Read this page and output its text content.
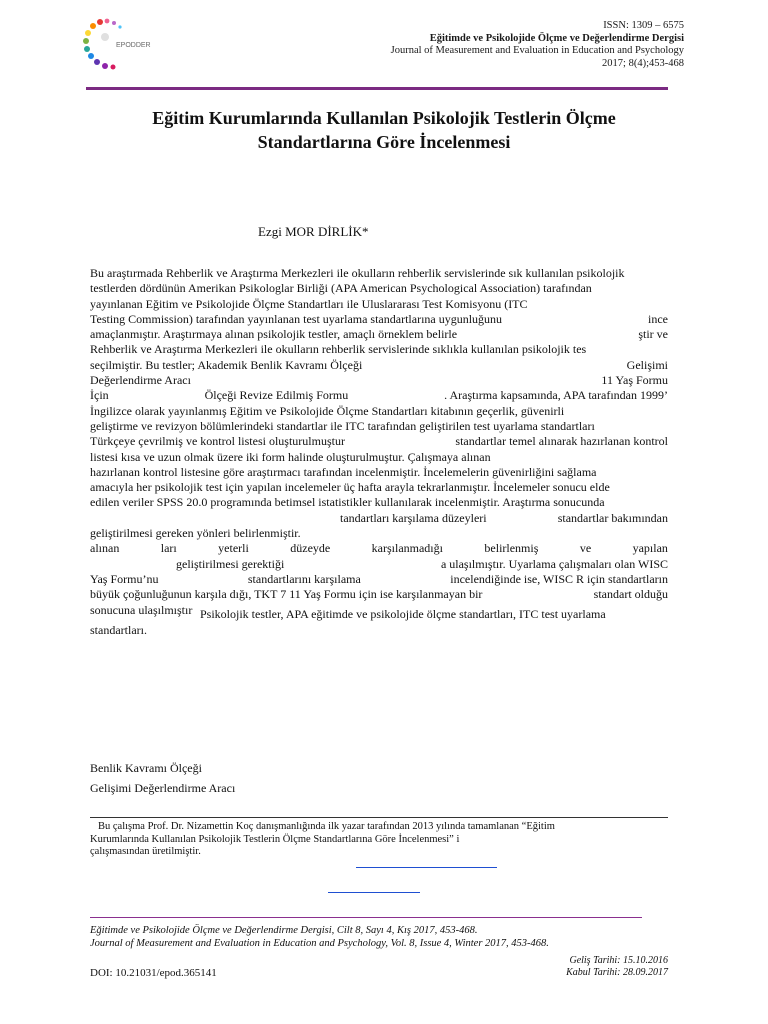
EPODDER
ISSN: 1309 – 6575
Eğitimde ve Psikolojide Ölçme ve Değerlendirme Dergisi
Journal of Measurement and Evaluation in Education and Psychology
2017; 8(4);453-468
Eğitim Kurumlarında Kullanılan Psikolojik Testlerin Ölçme
Standartlarına Göre İncelenmesi
Ezgi MOR DİRLİK*
Bu araştırmada Rehberlik ve Araştırma Merkezleri ile okulların rehberlik servislerinde sık kullanılan psikolojik
testlerden dördünün Amerikan Psikologlar Birliği (APA American Psychological Association) tarafından
yayınlanan Eğitim ve Psikolojide Ölçme Standartları ile Uluslararası Test Komisyonu (ITC
Testing Commission) tarafından yayınlanan test uyarlama standartlarına uygunluğunu	ince
amaçlanmıştır. Araştırmaya alınan psikolojik testler, amaçlı örneklem belirle	ştir ve
Rehberlik ve Araştırma Merkezleri ile okulların rehberlik servislerinde sıklıkla kullanılan psikolojik tes
seçilmiştir. Bu testler; Akademik Benlik Kavramı Ölçeği	Gelişimi
Değerlendirme Aracı	11 Yaş Formu
İçin	Ölçeği Revize Edilmiş Formu	. Araştırma kapsamında, APA tarafından 1999’
İngilizce olarak yayınlanmış Eğitim ve Psikolojide Ölçme Standartları kitabının geçerlik, güvenirli
geliştirme ve revizyon bölümlerindeki standartlar ile ITC tarafından geliştirilen test uyarlama standartları
Türkçeye çevrilmiş ve kontrol listesi oluşturulmuştur	standartlar temel alınarak hazırlanan kontrol
listesi kısa ve uzun olmak üzere iki form halinde oluşturulmuştur. Çalışmaya alınan
hazırlanan kontrol listesine göre araştırmacı tarafından incelenmiştir. İncelemelerin güvenirliğini sağlama
amacıyla her psikolojik test için yapılan incelemeler üç hafta arayla tekrarlanmıştır. İncelemeler sonucu elde
edilen veriler SPSS 20.0 programında betimsel istatistikler kullanılarak incelenmiştir. Araştırma sonucunda
tandartları karşılama düzeyleri	standartlar bakımından
geliştirilmesi gereken yönleri belirlenmiştir.
alınan	ları	yeterli	düzeyde	karşılanmadığı	belirlenmiş	ve	yapılan
geliştirilmesi gerektiği	a ulaşılmıştır. Uyarlama çalışmaları olan WISC
Yaş Formu’nu	standartlarını karşılama	incelendiğinde ise, WISC R için standartların
büyük çoğunluğunun karşıla dığı, TKT 7 11 Yaş Formu için ise karşılanmayan bir	standart olduğu
sonucuna ulaşılmıştır Psikolojik testler, APA eğitimde ve psikolojide ölçme standartları, ITC test uyarlama
standartları.
Benlik Kavramı Ölçeği
Gelişimi Değerlendirme Aracı
Bu çalışma Prof. Dr. Nizamettin Koç danışmanlığında ilk yazar tarafından 2013 yılında tamamlanan “Eğitim
Kurumlarında Kullanılan Psikolojik Testlerin Ölçme Standartlarına Göre İncelenmesi” i
çalışmasından üretilmiştir.
Eğitimde ve Psikolojide Ölçme ve Değerlendirme Dergisi, Cilt 8, Sayı 4, Kış 2017, 453-468.
Journal of Measurement and Evaluation in Education and Psychology, Vol. 8, Issue 4, Winter 2017, 453-468.
Geliş Tarihi: 15.10.2016
Kabul Tarihi: 28.09.2017
DOI: 10.21031/epod.365141
